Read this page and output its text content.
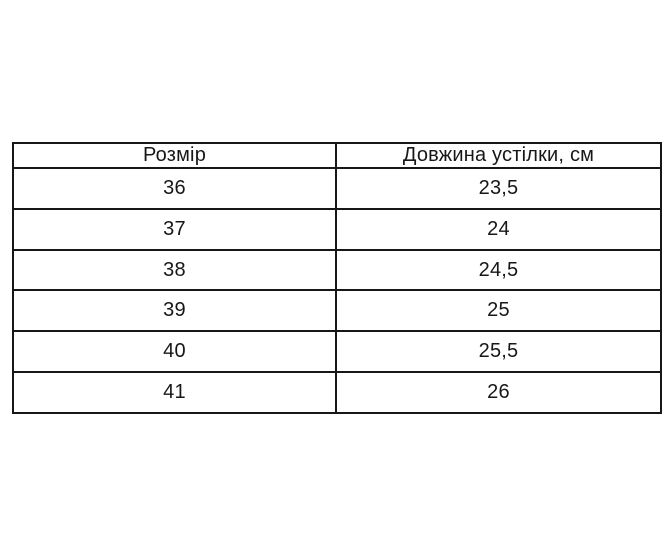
Розмір	Довжина устілки, см
36	23,5
37	24
38	24,5
39	25
40	25,5
41	26
